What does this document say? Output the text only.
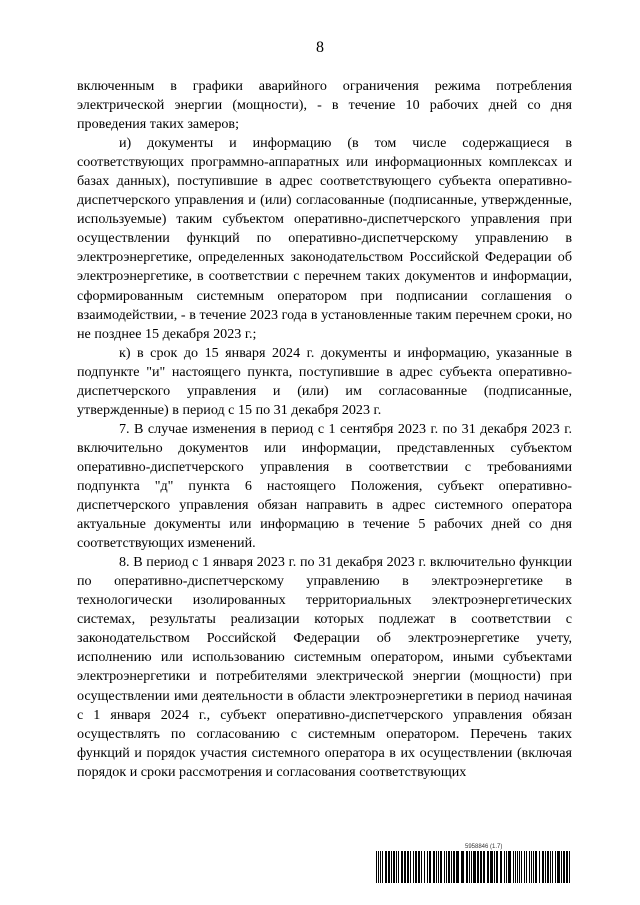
8

включенным в графики аварийного ограничения режима потребления электрической энергии (мощности), - в течение 10 рабочих дней со дня проведения таких замеров;

и) документы и информацию (в том числе содержащиеся в соответствующих программно-аппаратных или информационных комплексах и базах данных), поступившие в адрес соответствующего субъекта оперативно-диспетчерского управления и (или) согласованные (подписанные, утвержденные, используемые) таким субъектом оперативно-диспетчерского управления при осуществлении функций по оперативно-диспетчерскому управлению в электроэнергетике, определенных законодательством Российской Федерации об электроэнергетике, в соответствии с перечнем таких документов и информации, сформированным системным оператором при подписании соглашения о взаимодействии, - в течение 2023 года в установленные таким перечнем сроки, но не позднее 15 декабря 2023 г.;

к) в срок до 15 января 2024 г. документы и информацию, указанные в подпункте "и" настоящего пункта, поступившие в адрес субъекта оперативно-диспетчерского управления и (или) им согласованные (подписанные, утвержденные) в период с 15 по 31 декабря 2023 г.

7. В случае изменения в период с 1 сентября 2023 г. по 31 декабря 2023 г. включительно документов или информации, представленных субъектом оперативно-диспетчерского управления в соответствии с требованиями подпункта "д" пункта 6 настоящего Положения, субъект оперативно-диспетчерского управления обязан направить в адрес системного оператора актуальные документы или информацию в течение 5 рабочих дней со дня соответствующих изменений.

8. В период с 1 января 2023 г. по 31 декабря 2023 г. включительно функции по оперативно-диспетчерскому управлению в электроэнергетике в технологически изолированных территориальных электроэнергетических системах, результаты реализации которых подлежат в соответствии с законодательством Российской Федерации об электроэнергетике учету, исполнению или использованию системным оператором, иными субъектами электроэнергетики и потребителями электрической энергии (мощности) при осуществлении ими деятельности в области электроэнергетики в период начиная с 1 января 2024 г., субъект оперативно-диспетчерского управления обязан осуществлять по согласованию с системным оператором. Перечень таких функций и порядок участия системного оператора в их осуществлении (включая порядок и сроки рассмотрения и согласования соответствующих

5958846 (1.7)
